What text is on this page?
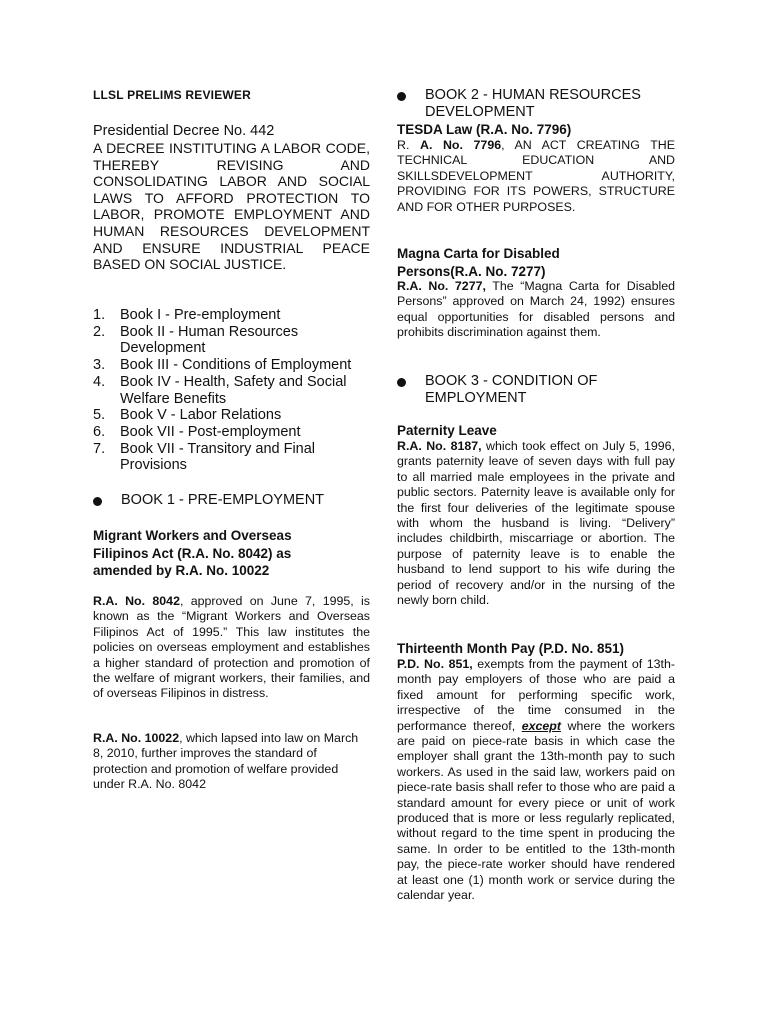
LLSL PRELIMS REVIEWER
Presidential Decree No. 442
A DECREE INSTITUTING A LABOR CODE, THEREBY REVISING AND CONSOLIDATING LABOR AND SOCIAL LAWS TO AFFORD PROTECTION TO LABOR, PROMOTE EMPLOYMENT AND HUMAN RESOURCES DEVELOPMENT AND ENSURE INDUSTRIAL PEACE BASED ON SOCIAL JUSTICE.
1. Book I - Pre-employment
2. Book II - Human Resources Development
3. Book III - Conditions of Employment
4. Book IV - Health, Safety and Social Welfare Benefits
5. Book V - Labor Relations
6. Book VII - Post-employment
7. Book VII - Transitory and Final Provisions
BOOK 1 - PRE-EMPLOYMENT
Migrant Workers and Overseas Filipinos Act (R.A. No. 8042) as amended by R.A. No. 10022
R.A. No. 8042, approved on June 7, 1995, is known as the “Migrant Workers and Overseas Filipinos Act of 1995.” This law institutes the policies on overseas employment and establishes a higher standard of protection and promotion of the welfare of migrant workers, their families, and of overseas Filipinos in distress.
R.A. No. 10022, which lapsed into law on March 8, 2010, further improves the standard of protection and promotion of welfare provided under R.A. No. 8042
BOOK 2 - HUMAN RESOURCES DEVELOPMENT
TESDA Law (R.A. No. 7796)
R. A. No. 7796, AN ACT CREATING THE TECHNICAL EDUCATION AND SKILLSDEVELOPMENT AUTHORITY, PROVIDING FOR ITS POWERS, STRUCTURE AND FOR OTHER PURPOSES.
Magna Carta for Disabled Persons(R.A. No. 7277)
R.A. No. 7277, The “Magna Carta for Disabled Persons” approved on March 24, 1992) ensures equal opportunities for disabled persons and prohibits discrimination against them.
BOOK 3 - CONDITION OF EMPLOYMENT
Paternity Leave
R.A. No. 8187, which took effect on July 5, 1996, grants paternity leave of seven days with full pay to all married male employees in the private and public sectors. Paternity leave is available only for the first four deliveries of the legitimate spouse with whom the husband is living. “Delivery” includes childbirth, miscarriage or abortion. The purpose of paternity leave is to enable the husband to lend support to his wife during the period of recovery and/or in the nursing of the newly born child.
Thirteenth Month Pay (P.D. No. 851)
P.D. No. 851, exempts from the payment of 13th-month pay employers of those who are paid a fixed amount for performing specific work, irrespective of the time consumed in the performance thereof, except where the workers are paid on piece-rate basis in which case the employer shall grant the 13th-month pay to such workers. As used in the said law, workers paid on piece-rate basis shall refer to those who are paid a standard amount for every piece or unit of work produced that is more or less regularly replicated, without regard to the time spent in producing the same. In order to be entitled to the 13th-month pay, the piece-rate worker should have rendered at least one (1) month work or service during the calendar year.
